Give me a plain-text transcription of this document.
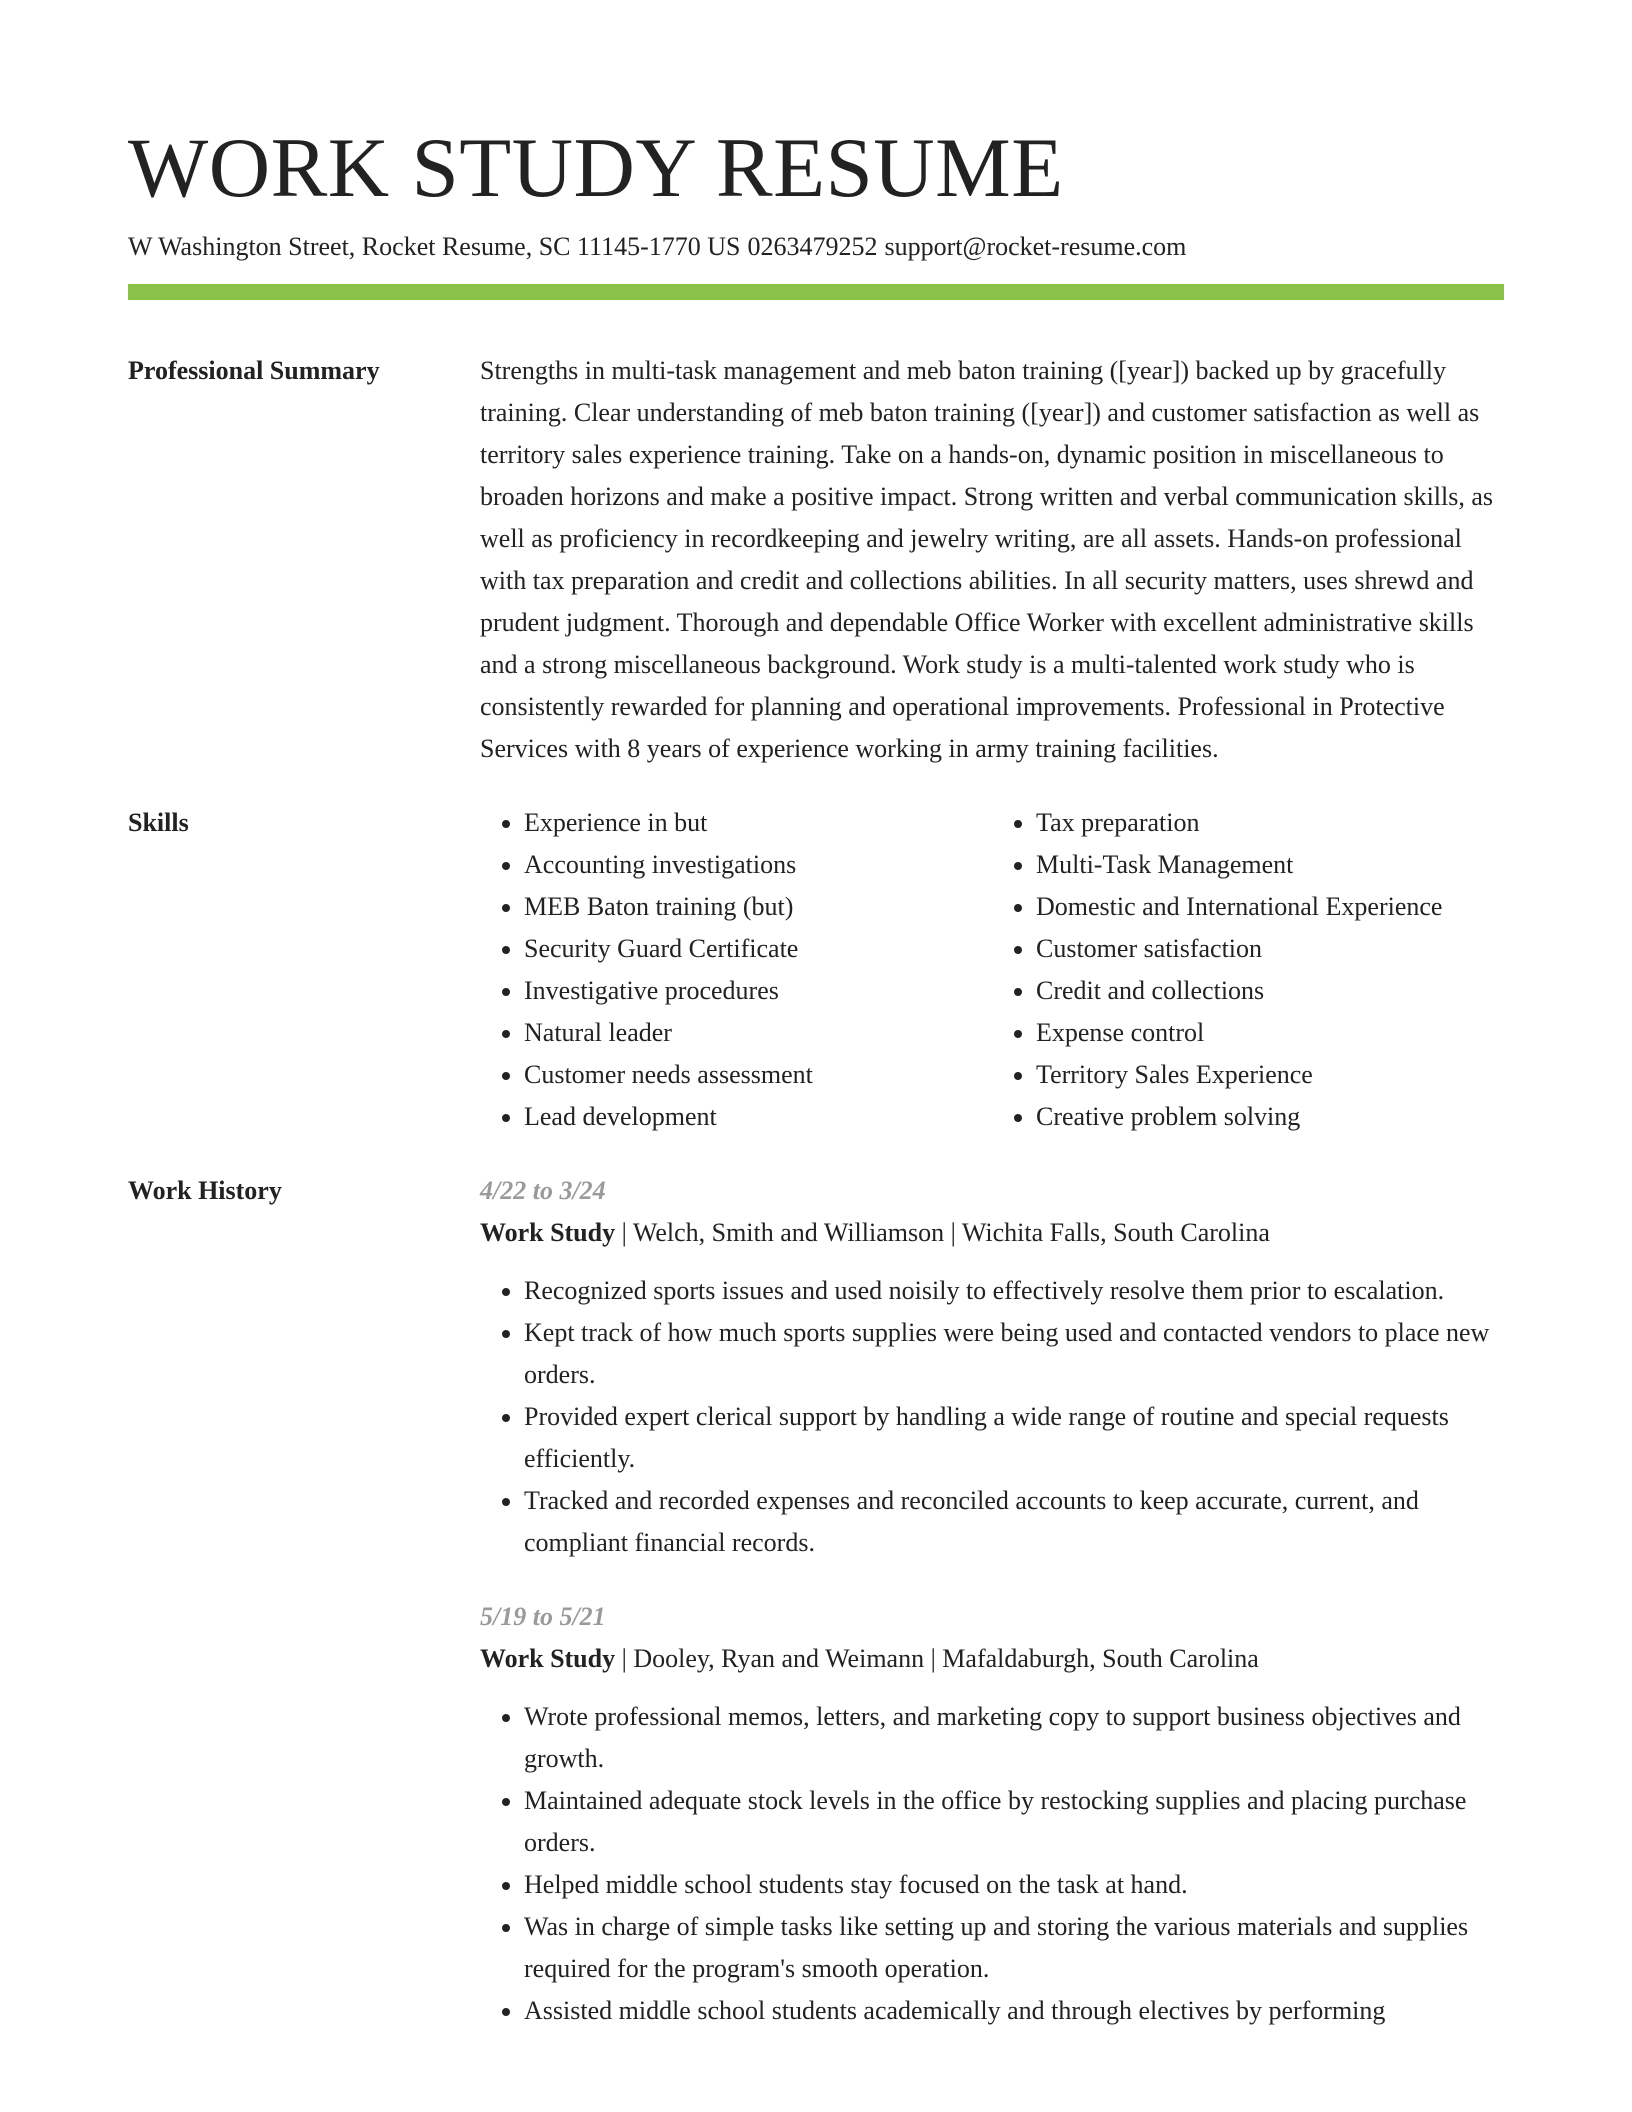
WORK STUDY RESUME
W Washington Street, Rocket Resume, SC 11145-1770 US 0263479252 support@rocket-resume.com
Professional Summary	Strengths in multi-task management and meb baton training ([year]) backed up by gracefully training. Clear understanding of meb baton training ([year]) and customer satisfaction as well as territory sales experience training. Take on a hands-on, dynamic position in miscellaneous to broaden horizons and make a positive impact. Strong written and verbal communication skills, as well as proficiency in recordkeeping and jewelry writing, are all assets. Hands-on professional with tax preparation and credit and collections abilities. In all security matters, uses shrewd and prudent judgment. Thorough and dependable Office Worker with excellent administrative skills and a strong miscellaneous background. Work study is a multi-talented work study who is consistently rewarded for planning and operational improvements. Professional in Protective Services with 8 years of experience working in army training facilities.

Skills
•	Experience in but
• Accounting investigations
• MEB Baton training (but)
• Security Guard Certificate
• Investigative procedures
• Natural leader
• Customer needs assessment
• Lead development
• Tax preparation
• Multi-Task Management
• Domestic and International Experience
• Customer satisfaction
• Credit and collections
• Expense control
• Territory Sales Experience
• Creative problem solving
Work History	4/22 to 3/24
Work Study | Welch, Smith and Williamson | Wichita Falls, South Carolina
• Recognized sports issues and used noisily to effectively resolve them prior to escalation.
• Kept track of how much sports supplies were being used and contacted vendors to place new orders.
• Provided expert clerical support by handling a wide range of routine and special requests efficiently.
• Tracked and recorded expenses and reconciled accounts to keep accurate, current, and compliant financial records.
5/19 to 5/21
Work Study | Dooley, Ryan and Weimann | Mafaldaburgh, South Carolina
• Wrote professional memos, letters, and marketing copy to support business objectives and growth.
• Maintained adequate stock levels in the office by restocking supplies and placing purchase orders.
• Helped middle school students stay focused on the task at hand.
• Was in charge of simple tasks like setting up and storing the various materials and supplies required for the program's smooth operation.
• Assisted middle school students academically and through electives by performing
